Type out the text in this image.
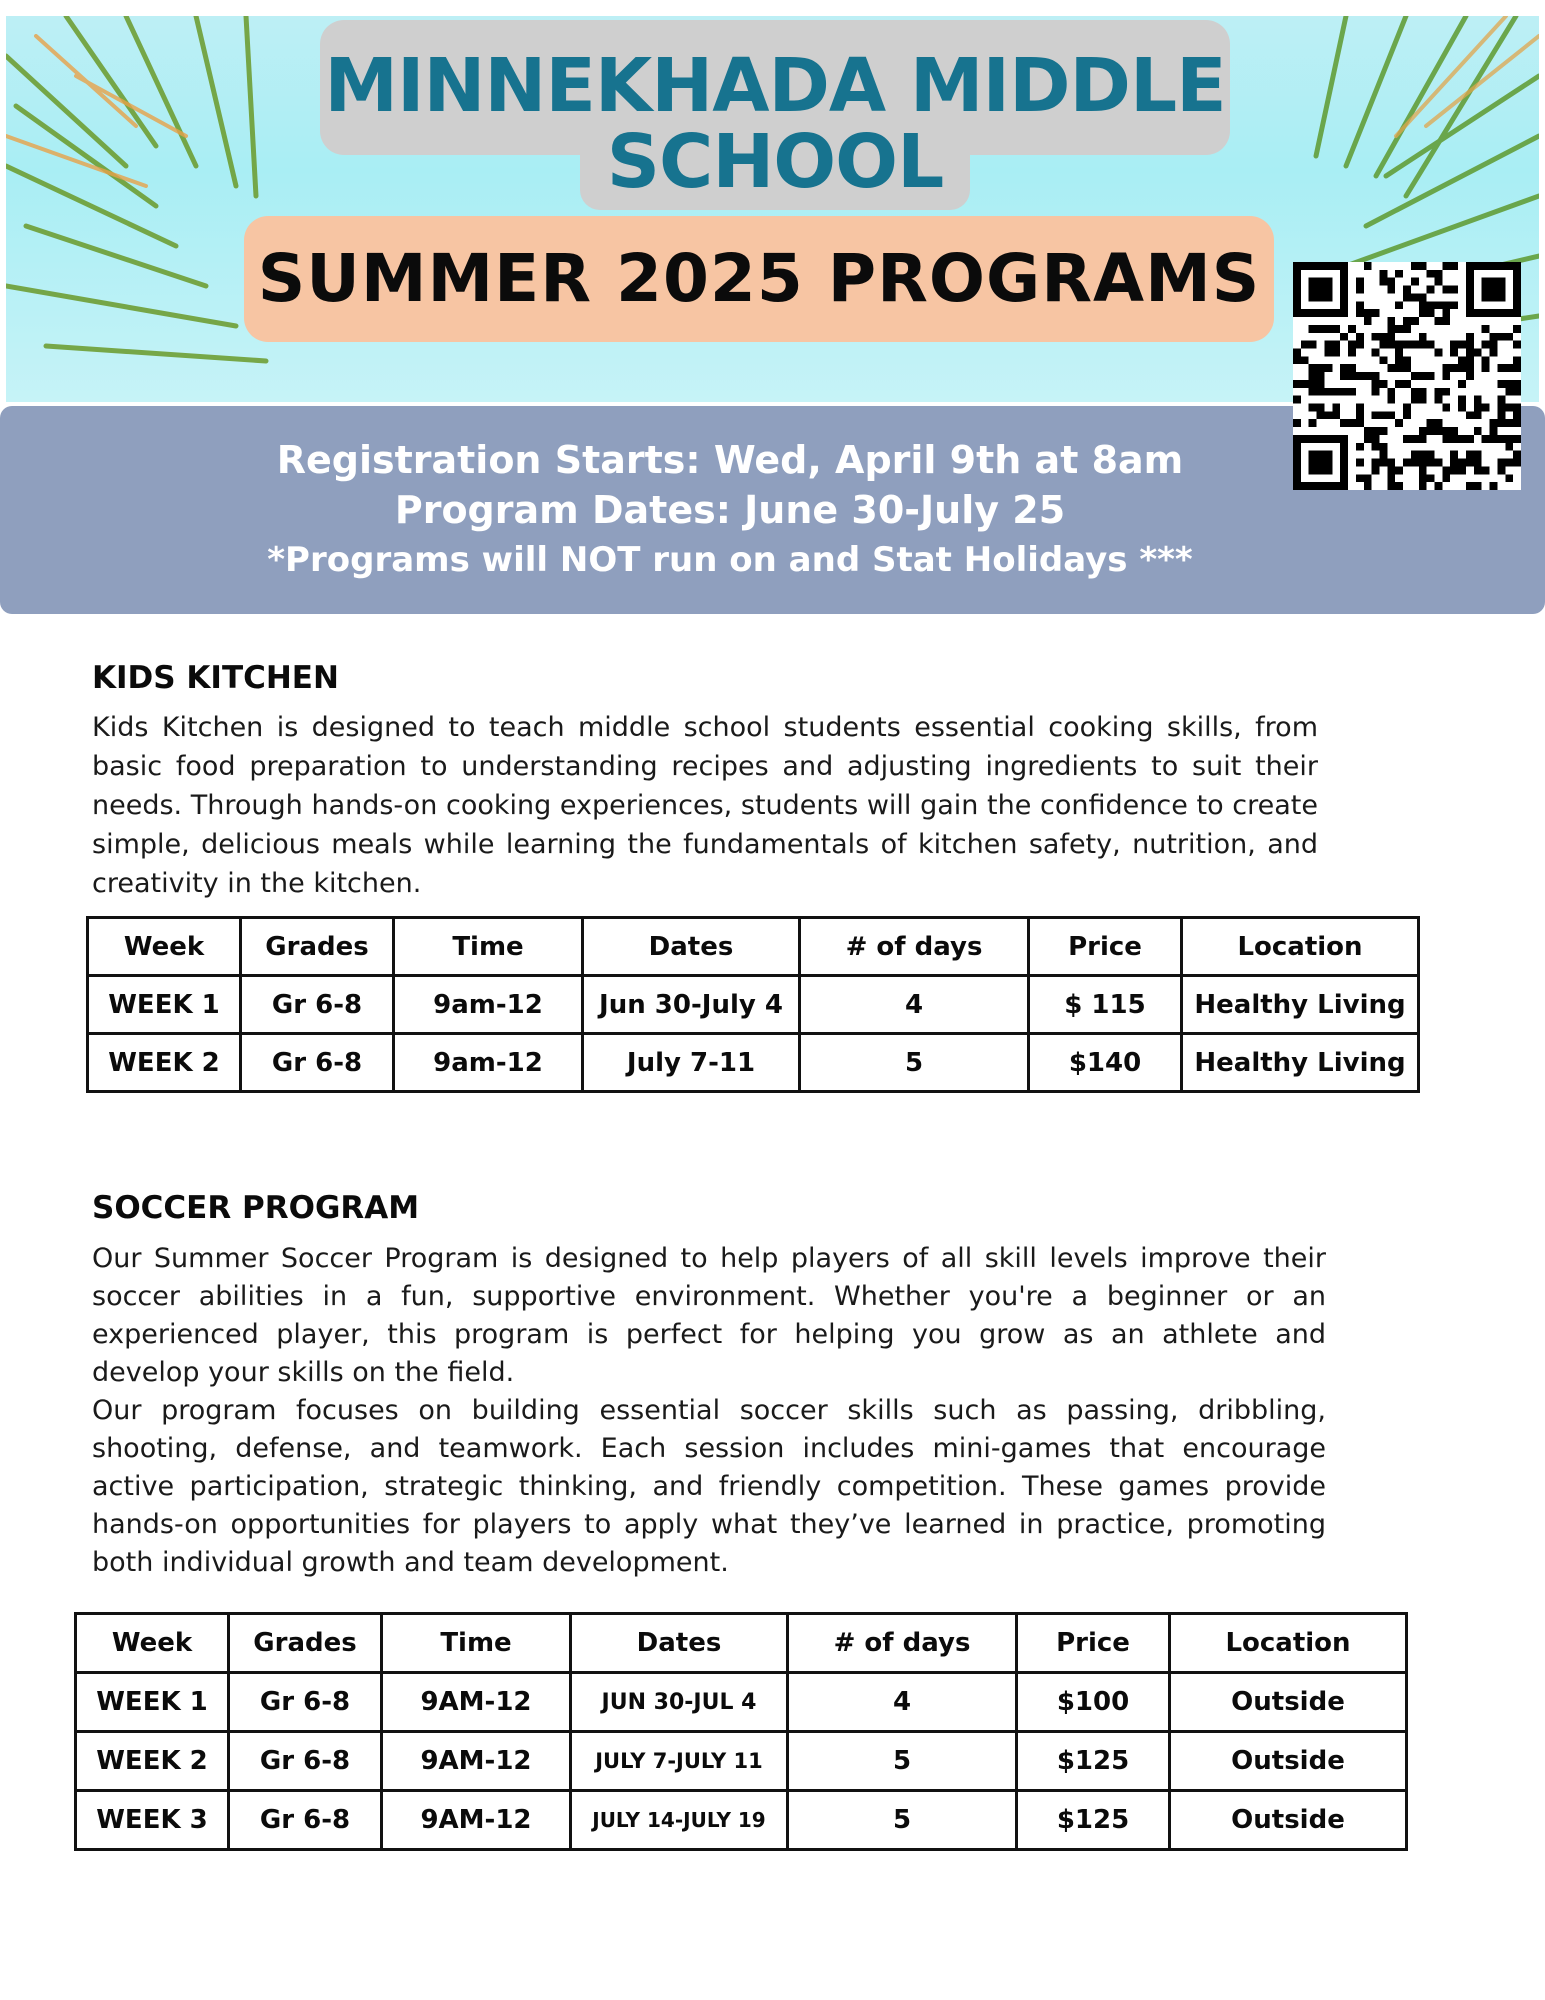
MINNEKHADA MIDDLE
SCHOOL
SUMMER 2025 PROGRAMS
Registration Starts: Wed, April 9th at 8am
Program Dates: June 30-July 25
*Programs will NOT run on and Stat Holidays ***
KIDS KITCHEN

Kids Kitchen is designed to teach middle school students essential cooking skills, from basic food preparation to understanding recipes and adjusting ingredients to suit their needs. Through hands-on cooking experiences, students will gain the confidence to create simple, delicious meals while learning the fundamentals of kitchen safety, nutrition, and creativity in the kitchen.

Week	Grades	Time	Dates	# of days	Price	Location
WEEK 1	Gr 6-8	9am-12	Jun 30-July 4	4	$ 115	Healthy Living
WEEK 2	Gr 6-8	9am-12	July 7-11	5	$140	Healthy Living
SOCCER PROGRAM

Our Summer Soccer Program is designed to help players of all skill levels improve their soccer abilities in a fun, supportive environment. Whether you're a beginner or an experienced player, this program is perfect for helping you grow as an athlete and develop your skills on the field.

Our program focuses on building essential soccer skills such as passing, dribbling, shooting, defense, and teamwork. Each session includes mini-games that encourage active participation, strategic thinking, and friendly competition. These games provide hands-on opportunities for players to apply what they’ve learned in practice, promoting both individual growth and team development.

Week	Grades	Time	Dates	# of days	Price	Location
WEEK 1	Gr 6-8	9AM-12	JUN 30-JUL 4	4	$100	Outside
WEEK 2	Gr 6-8	9AM-12	JULY 7-JULY 11	5	$125	Outside
WEEK 3	Gr 6-8	9AM-12	JULY 14-JULY 19	5	$125	Outside
